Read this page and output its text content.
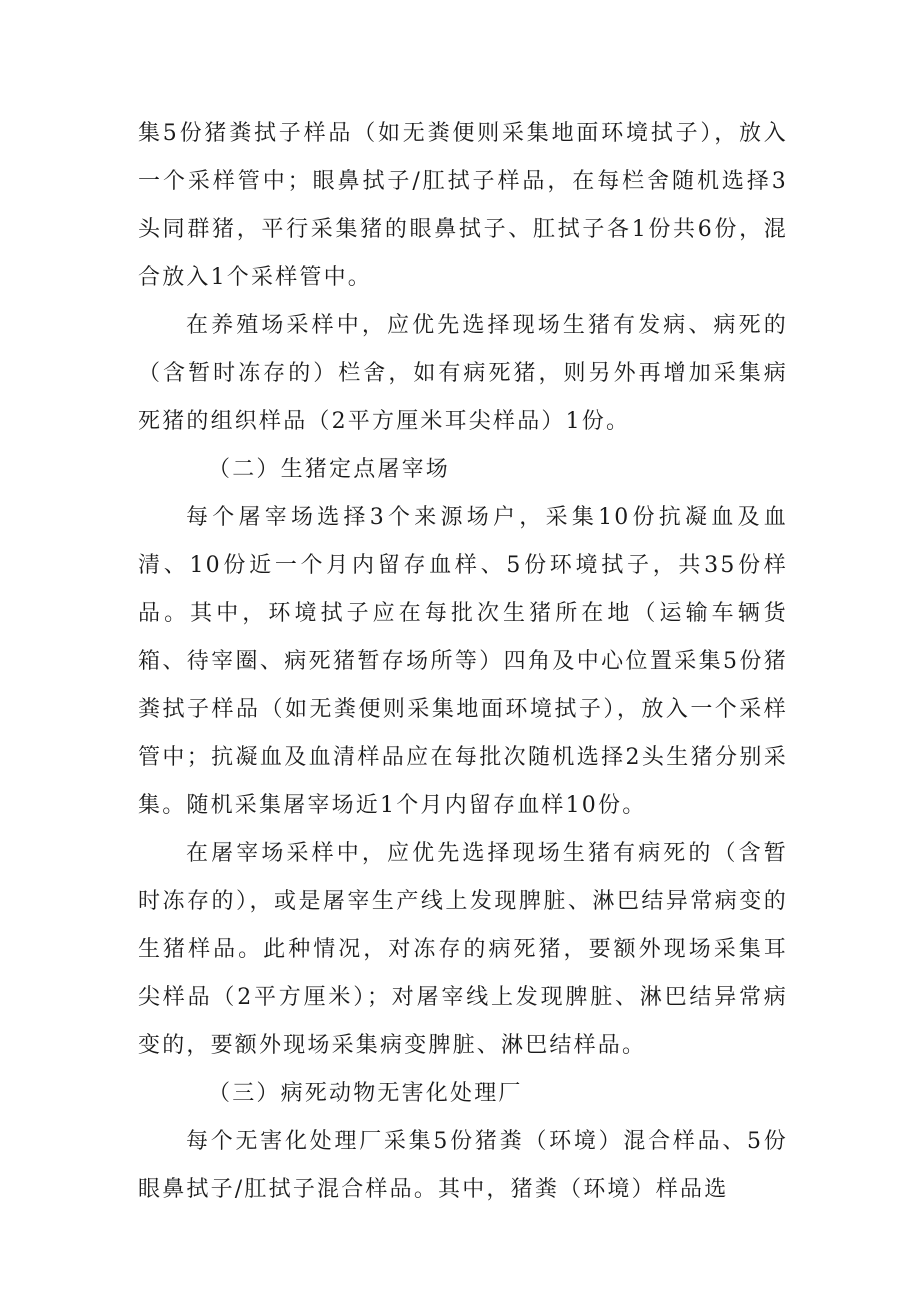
集5份猪粪拭子样品（如无粪便则采集地面环境拭子），放入一个采样管中；眼鼻拭子/肛拭子样品，在每栏舍随机选择3头同群猪，平行采集猪的眼鼻拭子、肛拭子各1份共6份，混合放入1个采样管中。

在养殖场采样中，应优先选择现场生猪有发病、病死的（含暂时冻存的）栏舍，如有病死猪，则另外再增加采集病死猪的组织样品（2平方厘米耳尖样品）1份。

（二）生猪定点屠宰场

每个屠宰场选择3个来源场户，采集10份抗凝血及血清、10份近一个月内留存血样、5份环境拭子，共35份样品。其中，环境拭子应在每批次生猪所在地（运输车辆货箱、待宰圈、病死猪暂存场所等）四角及中心位置采集5份猪粪拭子样品（如无粪便则采集地面环境拭子），放入一个采样管中；抗凝血及血清样品应在每批次随机选择2头生猪分别采集。随机采集屠宰场近1个月内留存血样10份。

在屠宰场采样中，应优先选择现场生猪有病死的（含暂时冻存的），或是屠宰生产线上发现脾脏、淋巴结异常病变的生猪样品。此种情况，对冻存的病死猪，要额外现场采集耳尖样品（2平方厘米）；对屠宰线上发现脾脏、淋巴结异常病变的，要额外现场采集病变脾脏、淋巴结样品。

（三）病死动物无害化处理厂

每个无害化处理厂采集5份猪粪（环境）混合样品、5份眼鼻拭子/肛拭子混合样品。其中，猪粪（环境）样品选
